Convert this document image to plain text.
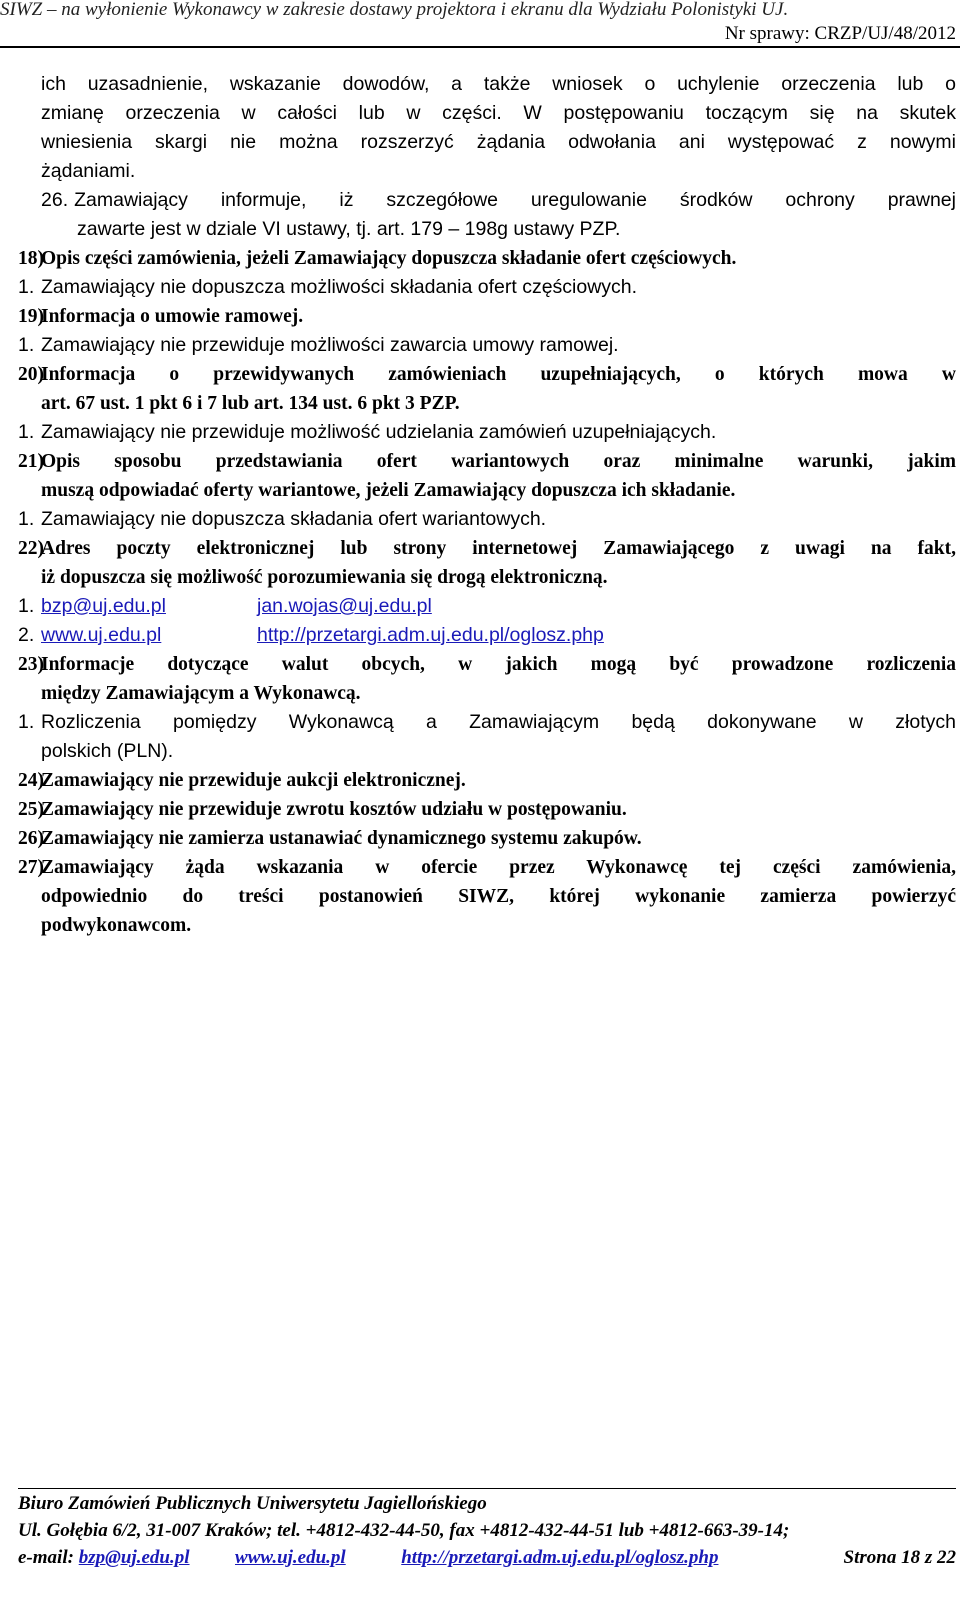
SIWZ – na wyłonienie Wykonawcy w zakresie dostawy projektora i ekranu dla Wydziału Polonistyki UJ.
Nr sprawy: CRZP/UJ/48/2012
ich uzasadnienie, wskazanie dowodów, a także wniosek o uchylenie orzeczenia lub o
zmianę orzeczenia w całości lub w części. W postępowaniu toczącym się na skutek
wniesienia skargi nie można rozszerzyć żądania odwołania ani występować z nowymi
żądaniami.
26. Zamawiający informuje, iż szczegółowe uregulowanie środków ochrony prawnej
zawarte jest w dziale VI ustawy, tj. art. 179 – 198g ustawy PZP.
18)Opis części zamówienia, jeżeli Zamawiający dopuszcza składanie ofert częściowych.
1. Zamawiający nie dopuszcza możliwości składania ofert częściowych.
19)Informacja o umowie ramowej.
1. Zamawiający nie przewiduje możliwości zawarcia umowy ramowej.
20)
Informacja o przewidywanych zamówieniach uzupełniających, o których mowa w
art. 67 ust. 1 pkt 6 i 7 lub art. 134 ust. 6 pkt 3 PZP.
1. Zamawiający nie przewiduje możliwość udzielania zamówień uzupełniających.
21)
Opis sposobu przedstawiania ofert wariantowych oraz minimalne warunki, jakim
muszą odpowiadać oferty wariantowe, jeżeli Zamawiający dopuszcza ich składanie.
1. Zamawiający nie dopuszcza składania ofert wariantowych.
22)
Adres poczty elektronicznej lub strony internetowej Zamawiającego z uwagi na fakt,
iż dopuszcza się możliwość porozumiewania się drogą elektroniczną.
1. bzp@uj.edu.pl	jan.wojas@uj.edu.pl
2. www.uj.edu.pl	http://przetargi.adm.uj.edu.pl/oglosz.php
23)
Informacje dotyczące walut obcych, w jakich mogą być prowadzone rozliczenia
między Zamawiającym a Wykonawcą.
1. Rozliczenia pomiędzy Wykonawcą a Zamawiającym będą dokonywane w złotych
polskich (PLN).
24)Zamawiający nie przewiduje aukcji elektronicznej.
25)Zamawiający nie przewiduje zwrotu kosztów udziału w postępowaniu.
26)Zamawiający nie zamierza ustanawiać dynamicznego systemu zakupów.
27)
Zamawiający żąda wskazania w ofercie przez Wykonawcę tej części zamówienia,
odpowiednio do treści postanowień SIWZ, której wykonanie zamierza powierzyć
podwykonawcom.
Biuro Zamówień Publicznych Uniwersytetu Jagiellońskiego
Ul. Gołębia 6/2, 31-007 Kraków; tel. +4812-432-44-50, fax +4812-432-44-51 lub +4812-663-39-14;
e-mail: bzp@uj.edu.pl www.uj.edu.pl	http://przetargi.adm.uj.edu.pl/oglosz.php	Strona 18 z 22
